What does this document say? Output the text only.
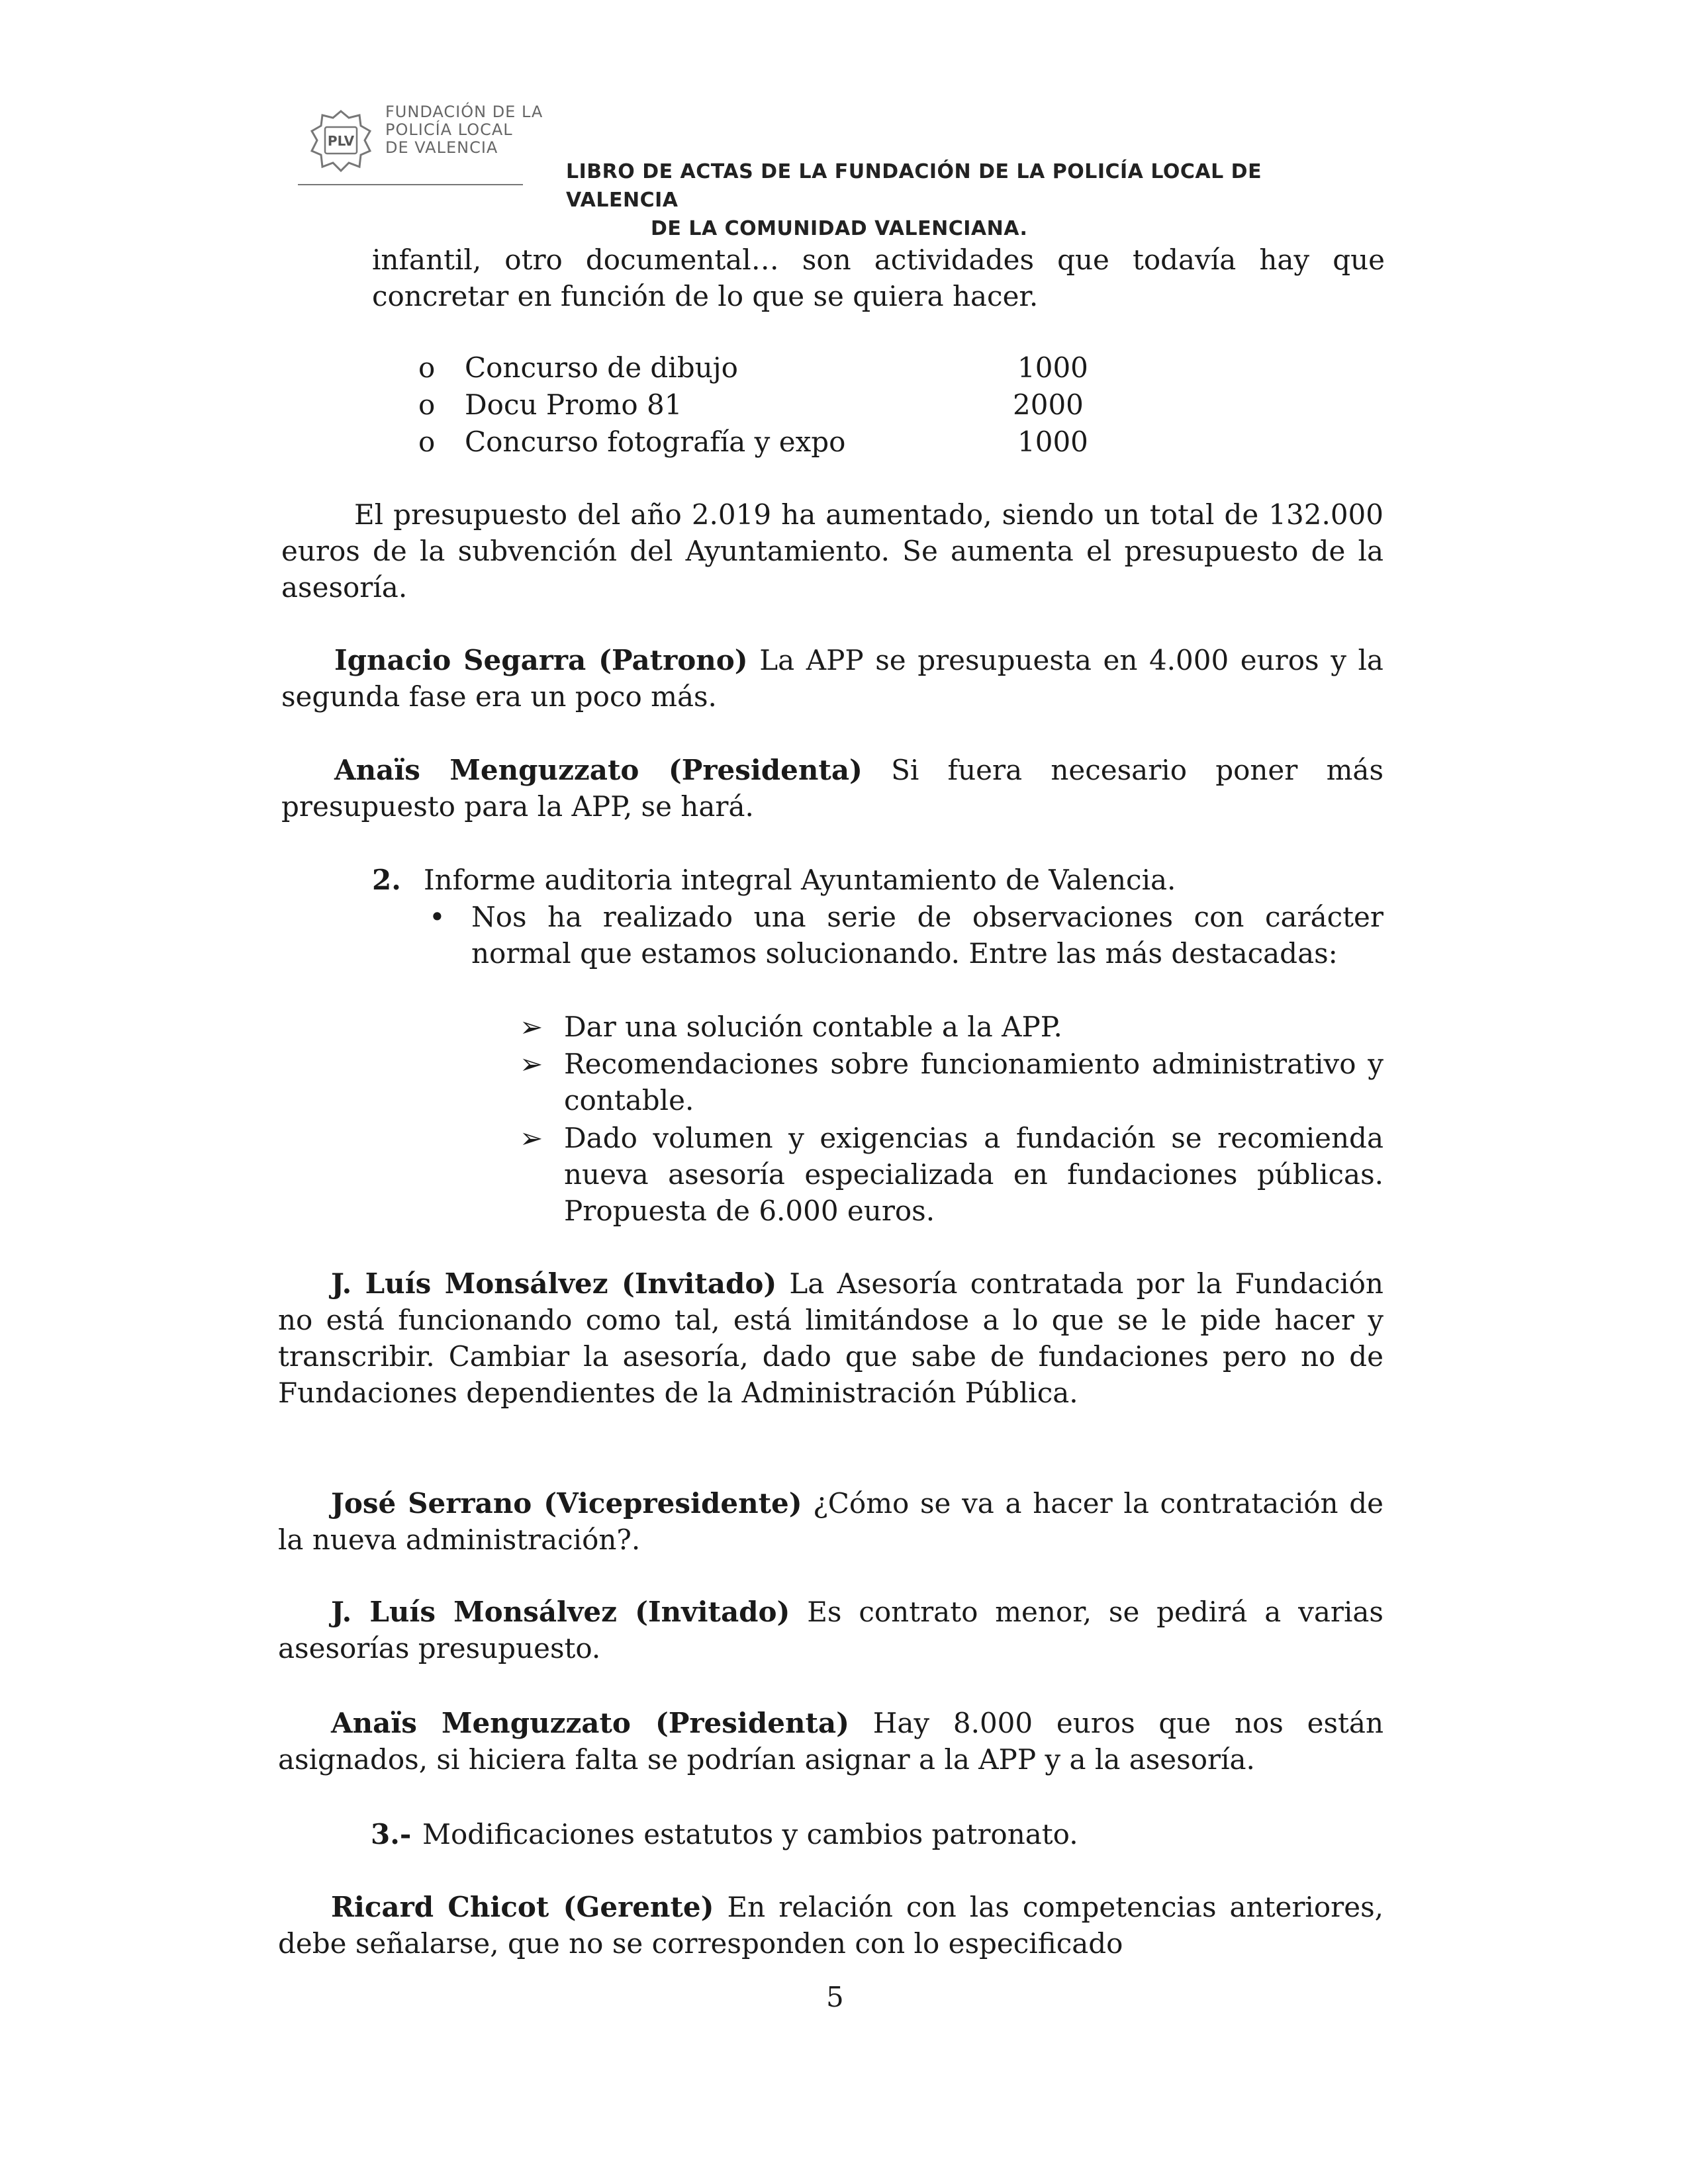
PLV
FUNDACIÓN DE LA
POLICÍA LOCAL
DE VALENCIA
LIBRO DE ACTAS DE LA FUNDACIÓN DE LA POLICÍA LOCAL DE VALENCIA
DE LA COMUNIDAD VALENCIANA.

infantil, otro documental… son actividades que todavía hay que concretar en función de lo que se quiera hacer.

o Concurso de dibujo	1000
o Docu Promo 81	2000
o Concurso fotografía y expo	1000

El presupuesto del año 2.019 ha aumentado, siendo un total de 132.000 euros de la subvención del Ayuntamiento. Se aumenta el presupuesto de la asesoría.

Ignacio Segarra (Patrono) La APP se presupuesta en 4.000 euros y la segunda fase era un poco más.

Anaïs Menguzzato (Presidenta) Si fuera necesario poner más presupuesto para la APP, se hará.

2. Informe auditoria integral Ayuntamiento de Valencia.
• Nos ha realizado una serie de observaciones con carácter normal que estamos solucionando. Entre las más destacadas:

➢ Dar una solución contable a la APP.

➢ Recomendaciones sobre funcionamiento administrativo y contable.

➢ Dado volumen y exigencias a fundación se recomienda nueva asesoría especializada en fundaciones públicas. Propuesta de 6.000 euros.

J. Luís Monsálvez (Invitado) La Asesoría contratada por la Fundación no está funcionando como tal, está limitándose a lo que se le pide hacer y transcribir. Cambiar la asesoría, dado que sabe de fundaciones pero no de Fundaciones dependientes de la Administración Pública.

José Serrano (Vicepresidente) ¿Cómo se va a hacer la contratación de la nueva administración?.

J. Luís Monsálvez (Invitado) Es contrato menor, se pedirá a varias asesorías presupuesto.

Anaïs Menguzzato (Presidenta) Hay 8.000 euros que nos están asignados, si hiciera falta se podrían asignar a la APP y a la asesoría.

3.- Modificaciones estatutos y cambios patronato.

Ricard Chicot (Gerente) En relación con las competencias anteriores, debe señalarse, que no se corresponden con lo especificado

5
